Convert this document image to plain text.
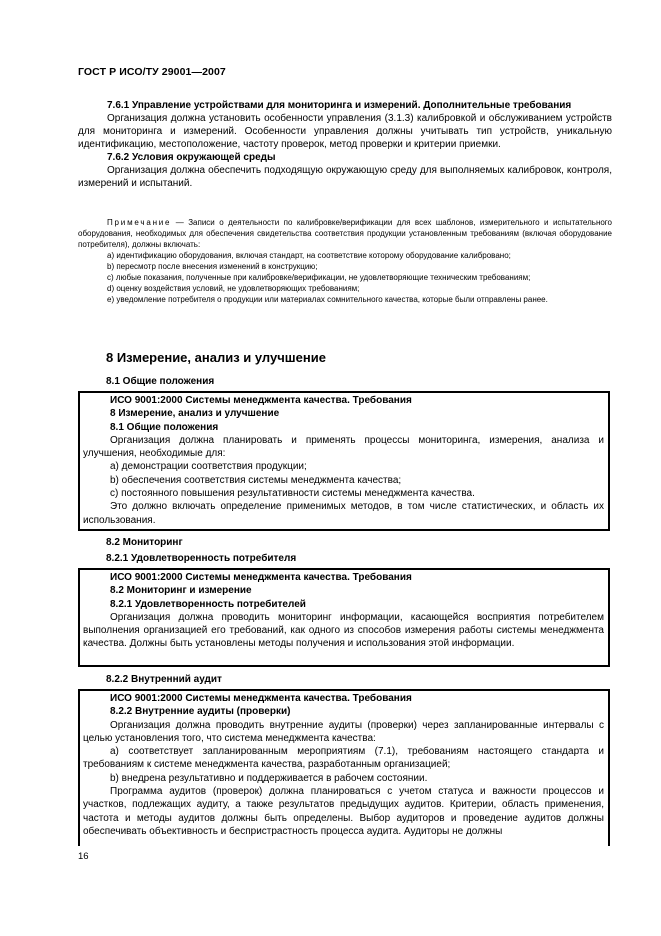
ГОСТ Р ИСО/ТУ 29001—2007

7.6.1 Управление устройствами для мониторинга и измерений. Дополнительные требования

Организация должна установить особенности управления (3.1.3) калибровкой и обслуживанием устройств для мониторинга и измерений. Особенности управления должны учитывать тип устройств, уникальную идентификацию, местоположение, частоту проверок, метод проверки и критерии приемки.

7.6.2 Условия окружающей среды

Организация должна обеспечить подходящую окружающую среду для выполняемых калибровок, контроля, измерений и испытаний.

Примечание — Записи о деятельности по калибровке/верификации для всех шаблонов, измерительного и испытательного оборудования, необходимых для обеспечения свидетельства соответствия продукции установленным требованиям (включая оборудование потребителя), должны включать:

a) идентификацию оборудования, включая стандарт, на соответствие которому оборудование калибровано;

b) пересмотр после внесения изменений в конструкцию;

c) любые показания, полученные при калибровке/верификации, не удовлетворяющие техническим требованиям;

d) оценку воздействия условий, не удовлетворяющих требованиям;

e) уведомление потребителя о продукции или материалах сомнительного качества, которые были отправлены ранее.

8 Измерение, анализ и улучшение
8.1 Общие положения

ИСО 9001:2000 Системы менеджмента качества. Требования

8 Измерение, анализ и улучшение

8.1 Общие положения

Организация должна планировать и применять процессы мониторинга, измерения, анализа и улучшения, необходимые для:

a) демонстрации соответствия продукции;

b) обеспечения соответствия системы менеджмента качества;

c) постоянного повышения результативности системы менеджмента качества.

Это должно включать определение применимых методов, в том числе статистических, и область их использования.

8.2 Мониторинг
8.2.1 Удовлетворенность потребителя

ИСО 9001:2000 Системы менеджмента качества. Требования

8.2 Мониторинг и измерение

8.2.1 Удовлетворенность потребителей

Организация должна проводить мониторинг информации, касающейся восприятия потребителем выполнения организацией его требований, как одного из способов измерения работы системы менеджмента качества. Должны быть установлены методы получения и использования этой информации.

8.2.2 Внутренний аудит

ИСО 9001:2000 Системы менеджмента качества. Требования

8.2.2 Внутренние аудиты (проверки)

Организация должна проводить внутренние аудиты (проверки) через запланированные интервалы с целью установления того, что система менеджмента качества:

a) соответствует запланированным мероприятиям (7.1), требованиям настоящего стандарта и требованиям к системе менеджмента качества, разработанным организацией;

b) внедрена результативно и поддерживается в рабочем состоянии.

Программа аудитов (проверок) должна планироваться с учетом статуса и важности процессов и участков, подлежащих аудиту, а также результатов предыдущих аудитов. Критерии, область применения, частота и методы аудитов должны быть определены. Выбор аудиторов и проведение аудитов должны обеспечивать объективность и беспристрастность процесса аудита. Аудиторы не должны

16
